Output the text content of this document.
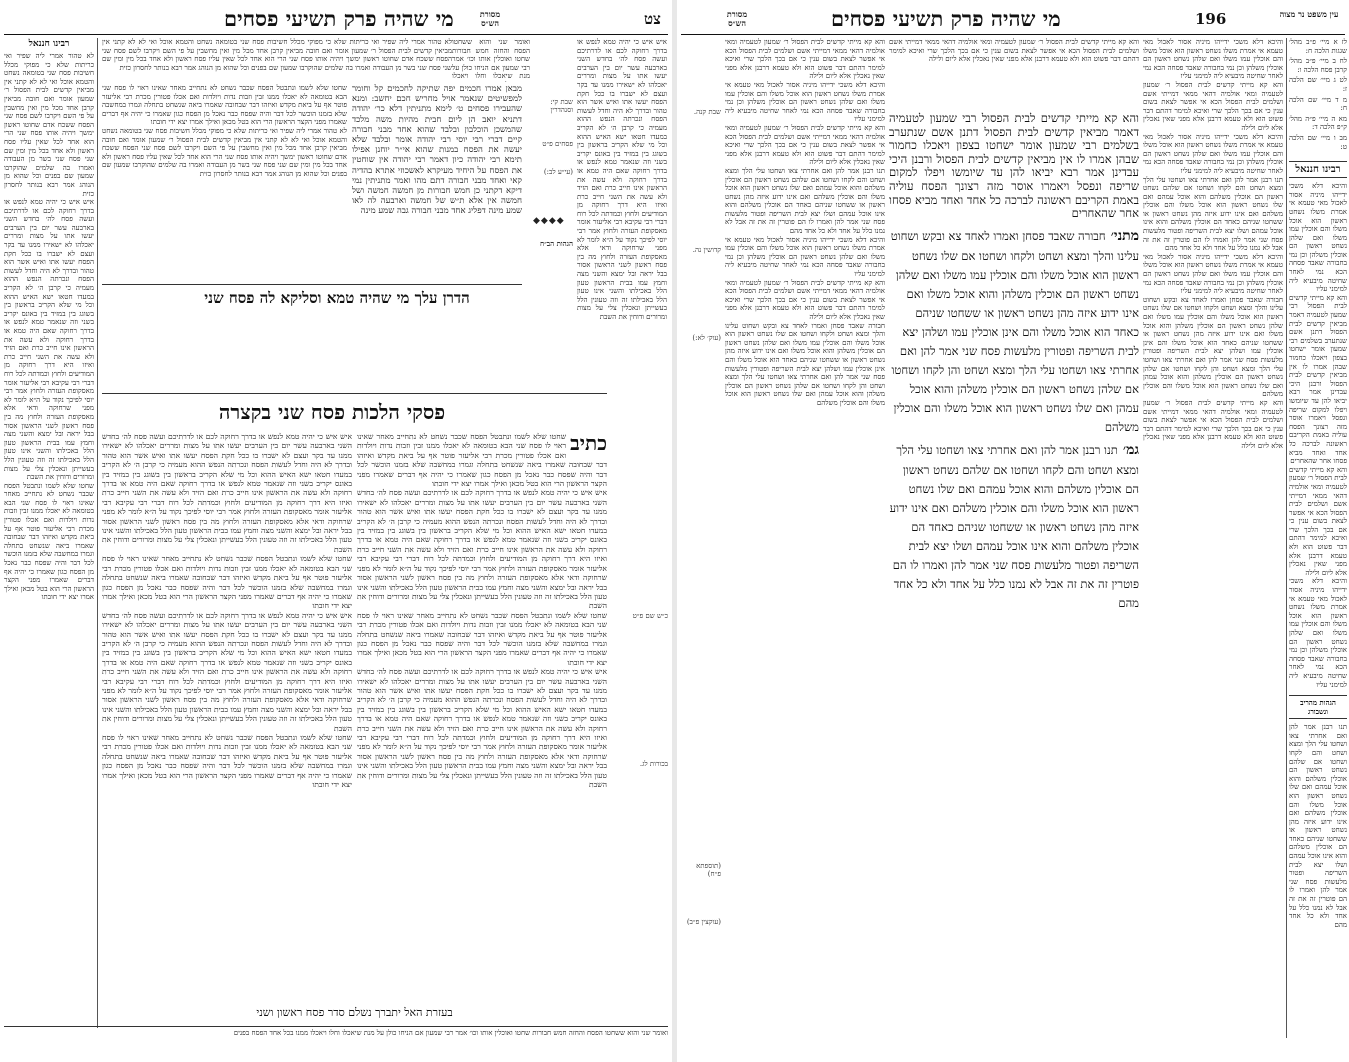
מי שהיה פרק תשיעי פסחים	צט
מסורת הש״ס
רבינו חננאל

לא טהור אמרי ליה שפיר ואי כריתות שלא כי מפוקי מכלל חשיבות פסח שני בטומאה נשחט והטמא אוכל ואי לא לא קתני אין מביאין קדשים לבית הפסול ר׳ שמעון אומר ואם חובה מביאין קרבן אחד מכל מין ואין מחשבין על פי השם ויקרבו לשם פסח שני הפסח ששכח אדם שחוטו ראשון ימשך ויהיה אותו פסח שני הרי הוא אחד לכל שאין עליו פסח ראשון ולא אחד בכל מין ומין שם שני פסח שני בשר מן העבודה ואמרו בה שלמים שהוקרבו שמעון שם בפנים וכל שהוא מן הנוהג אמר רבא בנותר לחסרון כזית

איש איש כי יהיה טמא לנפש או בדרך רחוקה לכם או לדרתיכם ועשה פסח לה׳ בחדש השני בארבעה עשר יום בין הערבים יעשו אתו על מצות ומררים יאכלהו לא ישאירו ממנו עד בקר ועצם לא ישברו בו ככל חקת הפסח יעשו אתו ואיש אשר הוא טהור ובדרך לא היה וחדל לעשות הפסח ונכרתה הנפש ההוא מעמיה כי קרבן ה׳ לא הקריב במעדו חטאו ישא האיש ההוא וכל מי שלא הקריב בראשון בין בשוגג בין במזיד בין באונס יקריב בשני וזה שנאמר טמא לנפש או בדרך רחוקה שאם היה טמא או בדרך רחוקה ולא עשה את הראשון אינו חייב כרת ואם הזיד ולא עשה את השני חייב כרת ואיזו היא דרך רחוקה מן המודיעים ולחוץ וכמדתה לכל רוח דברי רבי עקיבא רבי אליעזר אומר מאסקופת העזרה ולחוץ אמר רבי יוסי לפיכך נקוד על ה״א לומר לא מפני שרחוקה ודאי אלא מאסקופת העזרה ולחוץ מה בין פסח ראשון לשני הראשון אסור בבל יראה ובל ימצא והשני מצה וחמץ עמו בבית הראשון טעון הלל באכילתו והשני אינו טעון הלל באכילתו זה וזה טעונין הלל בעשייתן ונאכלין צלי על מצות ומרורים ודוחין את השבת

שחטו שלא לשמו ונתבטל הפסח שכבר נשחט לא נתחייב מאחר שאינו ראוי לו פסח שני הבא בטומאה לא יאכלו ממנו זבין וזבות נדות ויולדות ואם אכלו פטורין מכרת רבי אליעזר פוטר אף על ביאת מקדש ואיזהו דבר שבחובה שאמרו ביאה שנשחט בתחלה וגמרו במחשבה שלא בזמנו הוכשר לכל דבר והיה שפסח כבר נאכל מן הפסח כגון שאמרו כי יהיה אף דברים שאמרו מפני הקצר הראשון הרי הוא בטל מכאן ואילך אמרו יצא ידי חובתו

לא טהור אמרי ליה שפיר ואי כריתות שלא כי מפוקי מכלל חשיבות פסח שני בטומאה נשחט והטמא אוכל ואי לא לא קתני אין מביאין קדשים לבית הפסול ר׳ שמעון אומר ואם חובה מביאין קרבן אחד מכל מין ואין מחשבין על פי השם ויקרבו לשם פסח שני הפסח ששכח אדם שחוטו ראשון ימשך ויהיה אותו פסח שני הרי הוא אחד לכל שאין עליו פסח ראשון ולא אחד בכל מין ומין שם שני פסח שני בשר מן העבודה ואמרו בה שלמים שהוקרבו שמעון שם בפנים וכל שהוא מן הנוהג אמר רבא בנותר לחסרון כזית

שחטו שלא לשמו ונתבטל הפסח שכבר נשחט לא נתחייב מאחר שאינו ראוי לו פסח שני הבא בטומאה לא יאכלו ממנו זבין וזבות נדות ויולדות ואם אכלו פטורין מכרת רבי אליעזר פוטר אף על ביאת מקדש ואיזהו דבר שבחובה שאמרו ביאה שנשחט בתחלה וגמרו במחשבה שלא בזמנו הוכשר לכל דבר והיה שפסח כבר נאכל מן הפסח כגון שאמרו כי יהיה אף דברים שאמרו מפני הקצר הראשון הרי הוא בטל מכאן ואילך אמרו יצא ידי חובתו

לא טהור אמרי ליה שפיר ואי כריתות שלא כי מפוקי מכלל חשיבות פסח שני בטומאה נשחט והטמא אוכל ואי לא לא קתני אין מביאין קדשים לבית הפסול ר׳ שמעון אומר ואם חובה מביאין קרבן אחד מכל מין ואין מחשבין על פי השם ויקרבו לשם פסח שני הפסח ששכח אדם שחוטו ראשון ימשך ויהיה אותו פסח שני הרי הוא אחד לכל שאין עליו פסח ראשון ולא אחד בכל מין ומין שם שני פסח שני בשר מן העבודה ואמרו בה שלמים שהוקרבו שמעון שם בפנים וכל שהוא מן הנוהג אמר רבא בנותר לחסרון כזית

מבאן אמרו חכמים יפה שתיקה לחכמים קל וחומר למפשיטים שנאמר אויל מחריש חכם יחשב: ומנא שהעבירו פסחים ט׳ לימא מתניתין דלא כר׳ יהודה דתניא יואב הן ליום חבית מהיות משה מלכד שהמשכן הוכלבון ובלבד שהוא אחד מבני חבורה קיים דברי רבי יוסי רבי יהודה אומר ובלבד שלא יעשה את הפסח במנות שהוא אי״ר יוחנן אפילו תימא רבי יהודה כיון דאמר רבי יהודה אין שוחטין את הפסח על היחיד מעיקרא לאשכוזי אתרא בהדיה קאי ואחד מבני חבורה דתם מהו ואמר מתניתין נמי דיקא דקתני כן חמש חבורות מן חמשה חמשה ושל חמשה אין אלא ת״ש של חמשה וארבעה לה לאו שמע מינה דפליג אחד מבני חבורה גבה שמע מינה

ואומר שני והוא ששחטו הפסח והחזה חמש חבורות שחטו ואוכלין אותו וכו׳ אמר רבי שמעון אם הניחו כולן על מנת שיאכלו וחלו ויאכלו

שבת קי: וסנהדרין
פסחים פ״ט
(עי״ע לב:)
◆◆◆◆
הגהות הב״ח

איש איש כי יהיה טמא לנפש או בדרך רחוקה לכם או לדרתיכם ועשה פסח לה׳ בחדש השני בארבעה עשר יום בין הערבים יעשו אתו על מצות ומררים יאכלהו לא ישאירו ממנו עד בקר ועצם לא ישברו בו ככל חקת הפסח יעשו אתו ואיש אשר הוא טהור ובדרך לא היה וחדל לעשות הפסח ונכרתה הנפש ההוא מעמיה כי קרבן ה׳ לא הקריב במעדו חטאו ישא האיש ההוא וכל מי שלא הקריב בראשון בין בשוגג בין במזיד בין באונס יקריב בשני וזה שנאמר טמא לנפש או בדרך רחוקה שאם היה טמא או בדרך רחוקה ולא עשה את הראשון אינו חייב כרת ואם הזיד ולא עשה את השני חייב כרת ואיזו היא דרך רחוקה מן המודיעים ולחוץ וכמדתה לכל רוח דברי רבי עקיבא רבי אליעזר אומר מאסקופת העזרה ולחוץ אמר רבי יוסי לפיכך נקוד על ה״א לומר לא מפני שרחוקה ודאי אלא מאסקופת העזרה ולחוץ מה בין פסח ראשון לשני הראשון אסור בבל יראה ובל ימצא והשני מצה וחמץ עמו בבית הראשון טעון הלל באכילתו והשני אינו טעון הלל באכילתו זה וזה טעונין הלל בעשייתן ונאכלין צלי על מצות ומרורים ודוחין את השבת

הדרן עלך מי שהיה טמא וסליקא לה פסח שני
פסקי הלכות פסח שני בקצרה

איש איש כי יהיה טמא לנפש או בדרך רחוקה לכם או לדרתיכם ועשה פסח לה׳ בחדש השני בארבעה עשר יום בין הערבים יעשו אתו על מצות ומררים יאכלהו לא ישאירו ממנו עד בקר ועצם לא ישברו בו ככל חקת הפסח יעשו אתו ואיש אשר הוא טהור ובדרך לא היה וחדל לעשות הפסח ונכרתה הנפש ההוא מעמיה כי קרבן ה׳ לא הקריב במעדו חטאו ישא האיש ההוא וכל מי שלא הקריב בראשון בין בשוגג בין במזיד בין באונס יקריב בשני וזה שנאמר טמא לנפש או בדרך רחוקה שאם היה טמא או בדרך רחוקה ולא עשה את הראשון אינו חייב כרת ואם הזיד ולא עשה את השני חייב כרת ואיזו היא דרך רחוקה מן המודיעים ולחוץ וכמדתה לכל רוח דברי רבי עקיבא רבי אליעזר אומר מאסקופת העזרה ולחוץ אמר רבי יוסי לפיכך נקוד על ה״א לומר לא מפני שרחוקה ודאי אלא מאסקופת העזרה ולחוץ מה בין פסח ראשון לשני הראשון אסור בבל יראה ובל ימצא והשני מצה וחמץ עמו בבית הראשון טעון הלל באכילתו והשני אינו טעון הלל באכילתו זה וזה טעונין הלל בעשייתן ונאכלין צלי על מצות ומרורים ודוחין את השבת

שחטו שלא לשמו ונתבטל הפסח שכבר נשחט לא נתחייב מאחר שאינו ראוי לו פסח שני הבא בטומאה לא יאכלו ממנו זבין וזבות נדות ויולדות ואם אכלו פטורין מכרת רבי אליעזר פוטר אף על ביאת מקדש ואיזהו דבר שבחובה שאמרו ביאה שנשחט בתחלה וגמרו במחשבה שלא בזמנו הוכשר לכל דבר והיה שפסח כבר נאכל מן הפסח כגון שאמרו כי יהיה אף דברים שאמרו מפני הקצר הראשון הרי הוא בטל מכאן ואילך אמרו יצא ידי חובתו

איש איש כי יהיה טמא לנפש או בדרך רחוקה לכם או לדרתיכם ועשה פסח לה׳ בחדש השני בארבעה עשר יום בין הערבים יעשו אתו על מצות ומררים יאכלהו לא ישאירו ממנו עד בקר ועצם לא ישברו בו ככל חקת הפסח יעשו אתו ואיש אשר הוא טהור ובדרך לא היה וחדל לעשות הפסח ונכרתה הנפש ההוא מעמיה כי קרבן ה׳ לא הקריב במעדו חטאו ישא האיש ההוא וכל מי שלא הקריב בראשון בין בשוגג בין במזיד בין באונס יקריב בשני וזה שנאמר טמא לנפש או בדרך רחוקה שאם היה טמא או בדרך רחוקה ולא עשה את הראשון אינו חייב כרת ואם הזיד ולא עשה את השני חייב כרת ואיזו היא דרך רחוקה מן המודיעים ולחוץ וכמדתה לכל רוח דברי רבי עקיבא רבי אליעזר אומר מאסקופת העזרה ולחוץ אמר רבי יוסי לפיכך נקוד על ה״א לומר לא מפני שרחוקה ודאי אלא מאסקופת העזרה ולחוץ מה בין פסח ראשון לשני הראשון אסור בבל יראה ובל ימצא והשני מצה וחמץ עמו בבית הראשון טעון הלל באכילתו והשני אינו טעון הלל באכילתו זה וזה טעונין הלל בעשייתן ונאכלין צלי על מצות ומרורים ודוחין את השבת

שחטו שלא לשמו ונתבטל הפסח שכבר נשחט לא נתחייב מאחר שאינו ראוי לו פסח שני הבא בטומאה לא יאכלו ממנו זבין וזבות נדות ויולדות ואם אכלו פטורין מכרת רבי אליעזר פוטר אף על ביאת מקדש ואיזהו דבר שבחובה שאמרו ביאה שנשחט בתחלה וגמרו במחשבה שלא בזמנו הוכשר לכל דבר והיה שפסח כבר נאכל מן הפסח כגון שאמרו כי יהיה אף דברים שאמרו מפני הקצר הראשון הרי הוא בטל מכאן ואילך אמרו יצא ידי חובתו

כתיב

שחטו שלא לשמו ונתבטל הפסח שכבר נשחט לא נתחייב מאחר שאינו ראוי לו פסח שני הבא בטומאה לא יאכלו ממנו זבין וזבות נדות ויולדות ואם אכלו פטורין מכרת רבי אליעזר פוטר אף על ביאת מקדש ואיזהו דבר שבחובה שאמרו ביאה שנשחט בתחלה וגמרו במחשבה שלא בזמנו הוכשר לכל דבר והיה שפסח כבר נאכל מן הפסח כגון שאמרו כי יהיה אף דברים שאמרו מפני הקצר הראשון הרי הוא בטל מכאן ואילך אמרו יצא ידי חובתו

איש איש כי יהיה טמא לנפש או בדרך רחוקה לכם או לדרתיכם ועשה פסח לה׳ בחדש השני בארבעה עשר יום בין הערבים יעשו אתו על מצות ומררים יאכלהו לא ישאירו ממנו עד בקר ועצם לא ישברו בו ככל חקת הפסח יעשו אתו ואיש אשר הוא טהור ובדרך לא היה וחדל לעשות הפסח ונכרתה הנפש ההוא מעמיה כי קרבן ה׳ לא הקריב במעדו חטאו ישא האיש ההוא וכל מי שלא הקריב בראשון בין בשוגג בין במזיד בין באונס יקריב בשני וזה שנאמר טמא לנפש או בדרך רחוקה שאם היה טמא או בדרך רחוקה ולא עשה את הראשון אינו חייב כרת ואם הזיד ולא עשה את השני חייב כרת ואיזו היא דרך רחוקה מן המודיעים ולחוץ וכמדתה לכל רוח דברי רבי עקיבא רבי אליעזר אומר מאסקופת העזרה ולחוץ אמר רבי יוסי לפיכך נקוד על ה״א לומר לא מפני שרחוקה ודאי אלא מאסקופת העזרה ולחוץ מה בין פסח ראשון לשני הראשון אסור בבל יראה ובל ימצא והשני מצה וחמץ עמו בבית הראשון טעון הלל באכילתו והשני אינו טעון הלל באכילתו זה וזה טעונין הלל בעשייתן ונאכלין צלי על מצות ומרורים ודוחין את השבת

שחטו שלא לשמו ונתבטל הפסח שכבר נשחט לא נתחייב מאחר שאינו ראוי לו פסח שני הבא בטומאה לא יאכלו ממנו זבין וזבות נדות ויולדות ואם אכלו פטורין מכרת רבי אליעזר פוטר אף על ביאת מקדש ואיזהו דבר שבחובה שאמרו ביאה שנשחט בתחלה וגמרו במחשבה שלא בזמנו הוכשר לכל דבר והיה שפסח כבר נאכל מן הפסח כגון שאמרו כי יהיה אף דברים שאמרו מפני הקצר הראשון הרי הוא בטל מכאן ואילך אמרו יצא ידי חובתו

איש איש כי יהיה טמא לנפש או בדרך רחוקה לכם או לדרתיכם ועשה פסח לה׳ בחדש השני בארבעה עשר יום בין הערבים יעשו אתו על מצות ומררים יאכלהו לא ישאירו ממנו עד בקר ועצם לא ישברו בו ככל חקת הפסח יעשו אתו ואיש אשר הוא טהור ובדרך לא היה וחדל לעשות הפסח ונכרתה הנפש ההוא מעמיה כי קרבן ה׳ לא הקריב במעדו חטאו ישא האיש ההוא וכל מי שלא הקריב בראשון בין בשוגג בין במזיד בין באונס יקריב בשני וזה שנאמר טמא לנפש או בדרך רחוקה שאם היה טמא או בדרך רחוקה ולא עשה את הראשון אינו חייב כרת ואם הזיד ולא עשה את השני חייב כרת ואיזו היא דרך רחוקה מן המודיעים ולחוץ וכמדתה לכל רוח דברי רבי עקיבא רבי אליעזר אומר מאסקופת העזרה ולחוץ אמר רבי יוסי לפיכך נקוד על ה״א לומר לא מפני שרחוקה ודאי אלא מאסקופת העזרה ולחוץ מה בין פסח ראשון לשני הראשון אסור בבל יראה ובל ימצא והשני מצה וחמץ עמו בבית הראשון טעון הלל באכילתו והשני אינו טעון הלל באכילתו זה וזה טעונין הלל בעשייתן ונאכלין צלי על מצות ומרורים ודוחין את השבת

כ״ש שם פ״ט
בכורות לג.
בעזרת האל יתברך נשלם סדר פסח ראשון ושני

ואומר שני והוא ששחטו הפסח והחזה חמש חבורות שחטו ואוכלין אותו וכו׳ אמר רבי שמעון אם הניחו כולן על מנת שיאכלו וחלו ויאכלו ממנו בכל אחד הפסח בפנים

מי שהיה פרק תשיעי פסחים	196
מסורת הש״ס
עין משפט נר מצוה
שבת קנה.
קדושין נה.
(עוק׳ לא:)
(תוספתא פ״ח)
(עוקצין פ״ב)

והא קא מייתי קדשים לבית הפסול ר׳ שמעון לטעמיה ומאי אולמיה דהאי ממאי דמייתי אשם ושלמים לבית הפסול הכא אי אפשר לצאת בשום ענין כי אם בכך הלכך שרי ואיכא למימר דהתם דבר פשוט הוא ולא טעמא דרבנן אלא מפני שאין נאכלין אלא ליום ולילה

והיכא דלא משכי ידייהו מיניה אסור לאכול מאי טעמא אי אמרת משלו נשחט ראשון הוא אוכל משלו והם אוכלין עמו משלו ואם שלהן נשחט ראשון הם אוכלין משלהן וכן נמי בחבורה שאבד פסחה הכא נמי לאחר שחיטה מיבעיא ליה למימני עליו

והא קא מייתי קדשים לבית הפסול ר׳ שמעון לטעמיה ומאי אולמיה דהאי ממאי דמייתי אשם ושלמים לבית הפסול הכא אי אפשר לצאת בשום ענין כי אם בכך הלכך שרי ואיכא למימר דהתם דבר פשוט הוא ולא טעמא דרבנן אלא מפני שאין נאכלין אלא ליום ולילה

תנו רבנן אמר להן ואם אחרתי צאו ושחטו עלי הלך ומצא ושחט והם לקחו ושחטו אם שלהם נשחט ראשון הם אוכלין משלהם והוא אוכל עמהם ואם שלו נשחט ראשון הוא אוכל משלו והם אוכלין משלהם ואם אינו ידוע איזה מהן נשחט ראשון או ששחטו שניהם כאחד הם אוכלין משלהם והוא אינו אוכל עמהם ושלו יצא לבית השריפה ופטור מלעשות פסח שני אמר להן ואמרו לו הם פוטרין זה את זה אבל לא נמנו כלל על אחד ולא כל אחד מהם

והיכא דלא משכי ידייהו מיניה אסור לאכול מאי טעמא אי אמרת משלו נשחט ראשון הוא אוכל משלו והם אוכלין עמו משלו ואם שלהן נשחט ראשון הם אוכלין משלהן וכן נמי בחבורה שאבד פסחה הכא נמי לאחר שחיטה מיבעיא ליה למימני עליו

והא קא מייתי קדשים לבית הפסול ר׳ שמעון לטעמיה ומאי אולמיה דהאי ממאי דמייתי אשם ושלמים לבית הפסול הכא אי אפשר לצאת בשום ענין כי אם בכך הלכך שרי ואיכא למימר דהתם דבר פשוט הוא ולא טעמא דרבנן אלא מפני שאין נאכלין אלא ליום ולילה

חבורה שאבד פסחן ואמרו לאחד צא ובקש ושחוט עלינו והלך ומצא ושחט ולקחו ושחטו אם שלו נשחט ראשון הוא אוכל משלו והם אוכלין עמו משלו ואם שלהן נשחט ראשון הם אוכלין משלהן והוא אוכל משלו ואם אינו ידוע איזה מהן נשחט ראשון או ששחטו שניהם כאחד הוא אוכל משלו והם אינן אוכלין עמו ושלהן יצא לבית השריפה ופטורין מלעשות פסח שני אמר להן ואם אחרתי צאו ושחטו עלי הלך ומצא ושחט והן לקחו ושחטו אם שלהן נשחט ראשון הם אוכלין משלהן והוא אוכל עמהן ואם שלו נשחט ראשון הוא אוכל משלו והם אוכלין משלהם

והא קא מייתי קדשים לבית הפסול ר׳ שמעון לטעמיה ומאי אולמיה דהאי ממאי דמייתי אשם ושלמים לבית הפסול הכא אי אפשר לצאת בשום ענין כי אם בכך הלכך שרי ואיכא למימר דהתם דבר פשוט הוא ולא טעמא דרבנן אלא מפני שאין נאכלין אלא ליום ולילה

והא קא מייתי קדשים לבית הפסול רבי שמעון לטעמיה דאמר מביאין קדשים לבית הפסול דתנן אשם שנתערב בשלמים רבי שמעון אומר ישחטו בצפון ויאכלו כחמור שבהן אמרו לו אין מביאין קדשים לבית הפסול ורבנן היכי עבדינן אמר רבא יביאו להן עד שיומשו ויפלו למקום שריפה ונפסל ויאמרו אוסר מזה רצונך הפסח עוליה באמת הקריבם ראשונה לברכה כל אחד ואחד מביא פסחו אחר שהאחרים

מתני׳ חבורה שאבד פסחן ואמרו לאחד צא ובקש ושחוט עלינו והלך ומצא ושחט ולקחו ושחטו אם שלו נשחט ראשון הוא אוכל משלו והם אוכלין עמו משלו ואם שלהן נשחט ראשון הם אוכלין משלהן והוא אוכל משלו ואם אינו ידוע איזה מהן נשחט ראשון או ששחטו שניהם כאחד הוא אוכל משלו והם אינן אוכלין עמו ושלהן יצא לבית השריפה ופטורין מלעשות פסח שני אמר להן ואם אחרתי צאו ושחטו עלי הלך ומצא ושחט והן לקחו ושחטו אם שלהן נשחט ראשון הם אוכלין משלהן והוא אוכל עמהן ואם שלו נשחט ראשון הוא אוכל משלו והם אוכלין משלהם
גמ׳ תנו רבנן אמר להן ואם אחרתי צאו ושחטו עלי הלך ומצא ושחט והם לקחו ושחטו אם שלהם נשחט ראשון הם אוכלין משלהם והוא אוכל עמהם ואם שלו נשחט ראשון הוא אוכל משלו והם אוכלין משלהם ואם אינו ידוע איזה מהן נשחט ראשון או ששחטו שניהם כאחד הם אוכלין משלהם והוא אינו אוכל עמהם ושלו יצא לבית השריפה ופטור מלעשות פסח שני אמר להן ואמרו לו הם פוטרין זה את זה אבל לא נמנו כלל על אחד ולא כל אחד מהם

והיכא דלא משכי ידייהו מיניה אסור לאכול מאי טעמא אי אמרת משלו נשחט ראשון הוא אוכל משלו והם אוכלין עמו משלו ואם שלהן נשחט ראשון הם אוכלין משלהן וכן נמי בחבורה שאבד פסחה הכא נמי לאחר שחיטה מיבעיא ליה למימני עליו

והא קא מייתי קדשים לבית הפסול ר׳ שמעון לטעמיה ומאי אולמיה דהאי ממאי דמייתי אשם ושלמים לבית הפסול הכא אי אפשר לצאת בשום ענין כי אם בכך הלכך שרי ואיכא למימר דהתם דבר פשוט הוא ולא טעמא דרבנן אלא מפני שאין נאכלין אלא ליום ולילה

והיכא דלא משכי ידייהו מיניה אסור לאכול מאי טעמא אי אמרת משלו נשחט ראשון הוא אוכל משלו והם אוכלין עמו משלו ואם שלהן נשחט ראשון הם אוכלין משלהן וכן נמי בחבורה שאבד פסחה הכא נמי לאחר שחיטה מיבעיא ליה למימני עליו

תנו רבנן אמר להן ואם אחרתי צאו ושחטו עלי הלך ומצא ושחט והם לקחו ושחטו אם שלהם נשחט ראשון הם אוכלין משלהם והוא אוכל עמהם ואם שלו נשחט ראשון הוא אוכל משלו והם אוכלין משלהם ואם אינו ידוע איזה מהן נשחט ראשון או ששחטו שניהם כאחד הם אוכלין משלהם והוא אינו אוכל עמהם ושלו יצא לבית השריפה ופטור מלעשות פסח שני אמר להן ואמרו לו הם פוטרין זה את זה אבל לא נמנו כלל על אחד ולא כל אחד מהם

והיכא דלא משכי ידייהו מיניה אסור לאכול מאי טעמא אי אמרת משלו נשחט ראשון הוא אוכל משלו והם אוכלין עמו משלו ואם שלהן נשחט ראשון הם אוכלין משלהן וכן נמי בחבורה שאבד פסחה הכא נמי לאחר שחיטה מיבעיא ליה למימני עליו

חבורה שאבד פסחן ואמרו לאחד צא ובקש ושחוט עלינו והלך ומצא ושחט ולקחו ושחטו אם שלו נשחט ראשון הוא אוכל משלו והם אוכלין עמו משלו ואם שלהן נשחט ראשון הם אוכלין משלהן והוא אוכל משלו ואם אינו ידוע איזה מהן נשחט ראשון או ששחטו שניהם כאחד הוא אוכל משלו והם אינן אוכלין עמו ושלהן יצא לבית השריפה ופטורין מלעשות פסח שני אמר להן ואם אחרתי צאו ושחטו עלי הלך ומצא ושחט והן לקחו ושחטו אם שלהן נשחט ראשון הם אוכלין משלהן והוא אוכל עמהן ואם שלו נשחט ראשון הוא אוכל משלו והם אוכלין משלהם

והא קא מייתי קדשים לבית הפסול ר׳ שמעון לטעמיה ומאי אולמיה דהאי ממאי דמייתי אשם ושלמים לבית הפסול הכא אי אפשר לצאת בשום ענין כי אם בכך הלכך שרי ואיכא למימר דהתם דבר פשוט הוא ולא טעמא דרבנן אלא מפני שאין נאכלין אלא ליום ולילה

לז א מיי׳ פ״ב מהל׳ שגגות הלכה ח:
לח ב מיי׳ פ״ב מהל׳ קרבן פסח הלכה ו:
לט ג מיי׳ שם הלכה ז:
מ ד מיי׳ שם הלכה ח:
מא ה מיי׳ פ״ה מהל׳ ק״פ הלכה ד:
מב ו מיי׳ שם הלכה ט:
רבינו חננאל

והיכא דלא משכי ידייהו מיניה אסור לאכול מאי טעמא אי אמרת משלו נשחט ראשון הוא אוכל משלו והם אוכלין עמו משלו ואם שלהן נשחט ראשון הם אוכלין משלהן וכן נמי בחבורה שאבד פסחה הכא נמי לאחר שחיטה מיבעיא ליה למימני עליו

והא קא מייתי קדשים לבית הפסול רבי שמעון לטעמיה דאמר מביאין קדשים לבית הפסול דתנן אשם שנתערב בשלמים רבי שמעון אומר ישחטו בצפון ויאכלו כחמור שבהן אמרו לו אין מביאין קדשים לבית הפסול ורבנן היכי עבדינן אמר רבא יביאו להן עד שיומשו ויפלו למקום שריפה ונפסל ויאמרו אוסר מזה רצונך הפסח עוליה באמת הקריבם ראשונה לברכה כל אחד ואחד מביא פסחו אחר שהאחרים

והא קא מייתי קדשים לבית הפסול ר׳ שמעון לטעמיה ומאי אולמיה דהאי ממאי דמייתי אשם ושלמים לבית הפסול הכא אי אפשר לצאת בשום ענין כי אם בכך הלכך שרי ואיכא למימר דהתם דבר פשוט הוא ולא טעמא דרבנן אלא מפני שאין נאכלין אלא ליום ולילה

והיכא דלא משכי ידייהו מיניה אסור לאכול מאי טעמא אי אמרת משלו נשחט ראשון הוא אוכל משלו והם אוכלין עמו משלו ואם שלהן נשחט ראשון הם אוכלין משלהן וכן נמי בחבורה שאבד פסחה הכא נמי לאחר שחיטה מיבעיא ליה למימני עליו

הגהות מהריב ונשבורג

תנו רבנן אמר להן ואם אחרתי צאו ושחטו עלי הלך ומצא ושחט והם לקחו ושחטו אם שלהם נשחט ראשון הם אוכלין משלהם והוא אוכל עמהם ואם שלו נשחט ראשון הוא אוכל משלו והם אוכלין משלהם ואם אינו ידוע איזה מהן נשחט ראשון או ששחטו שניהם כאחד הם אוכלין משלהם והוא אינו אוכל עמהם ושלו יצא לבית השריפה ופטור מלעשות פסח שני אמר להן ואמרו לו הם פוטרין זה את זה אבל לא נמנו כלל על אחד ולא כל אחד מהם
